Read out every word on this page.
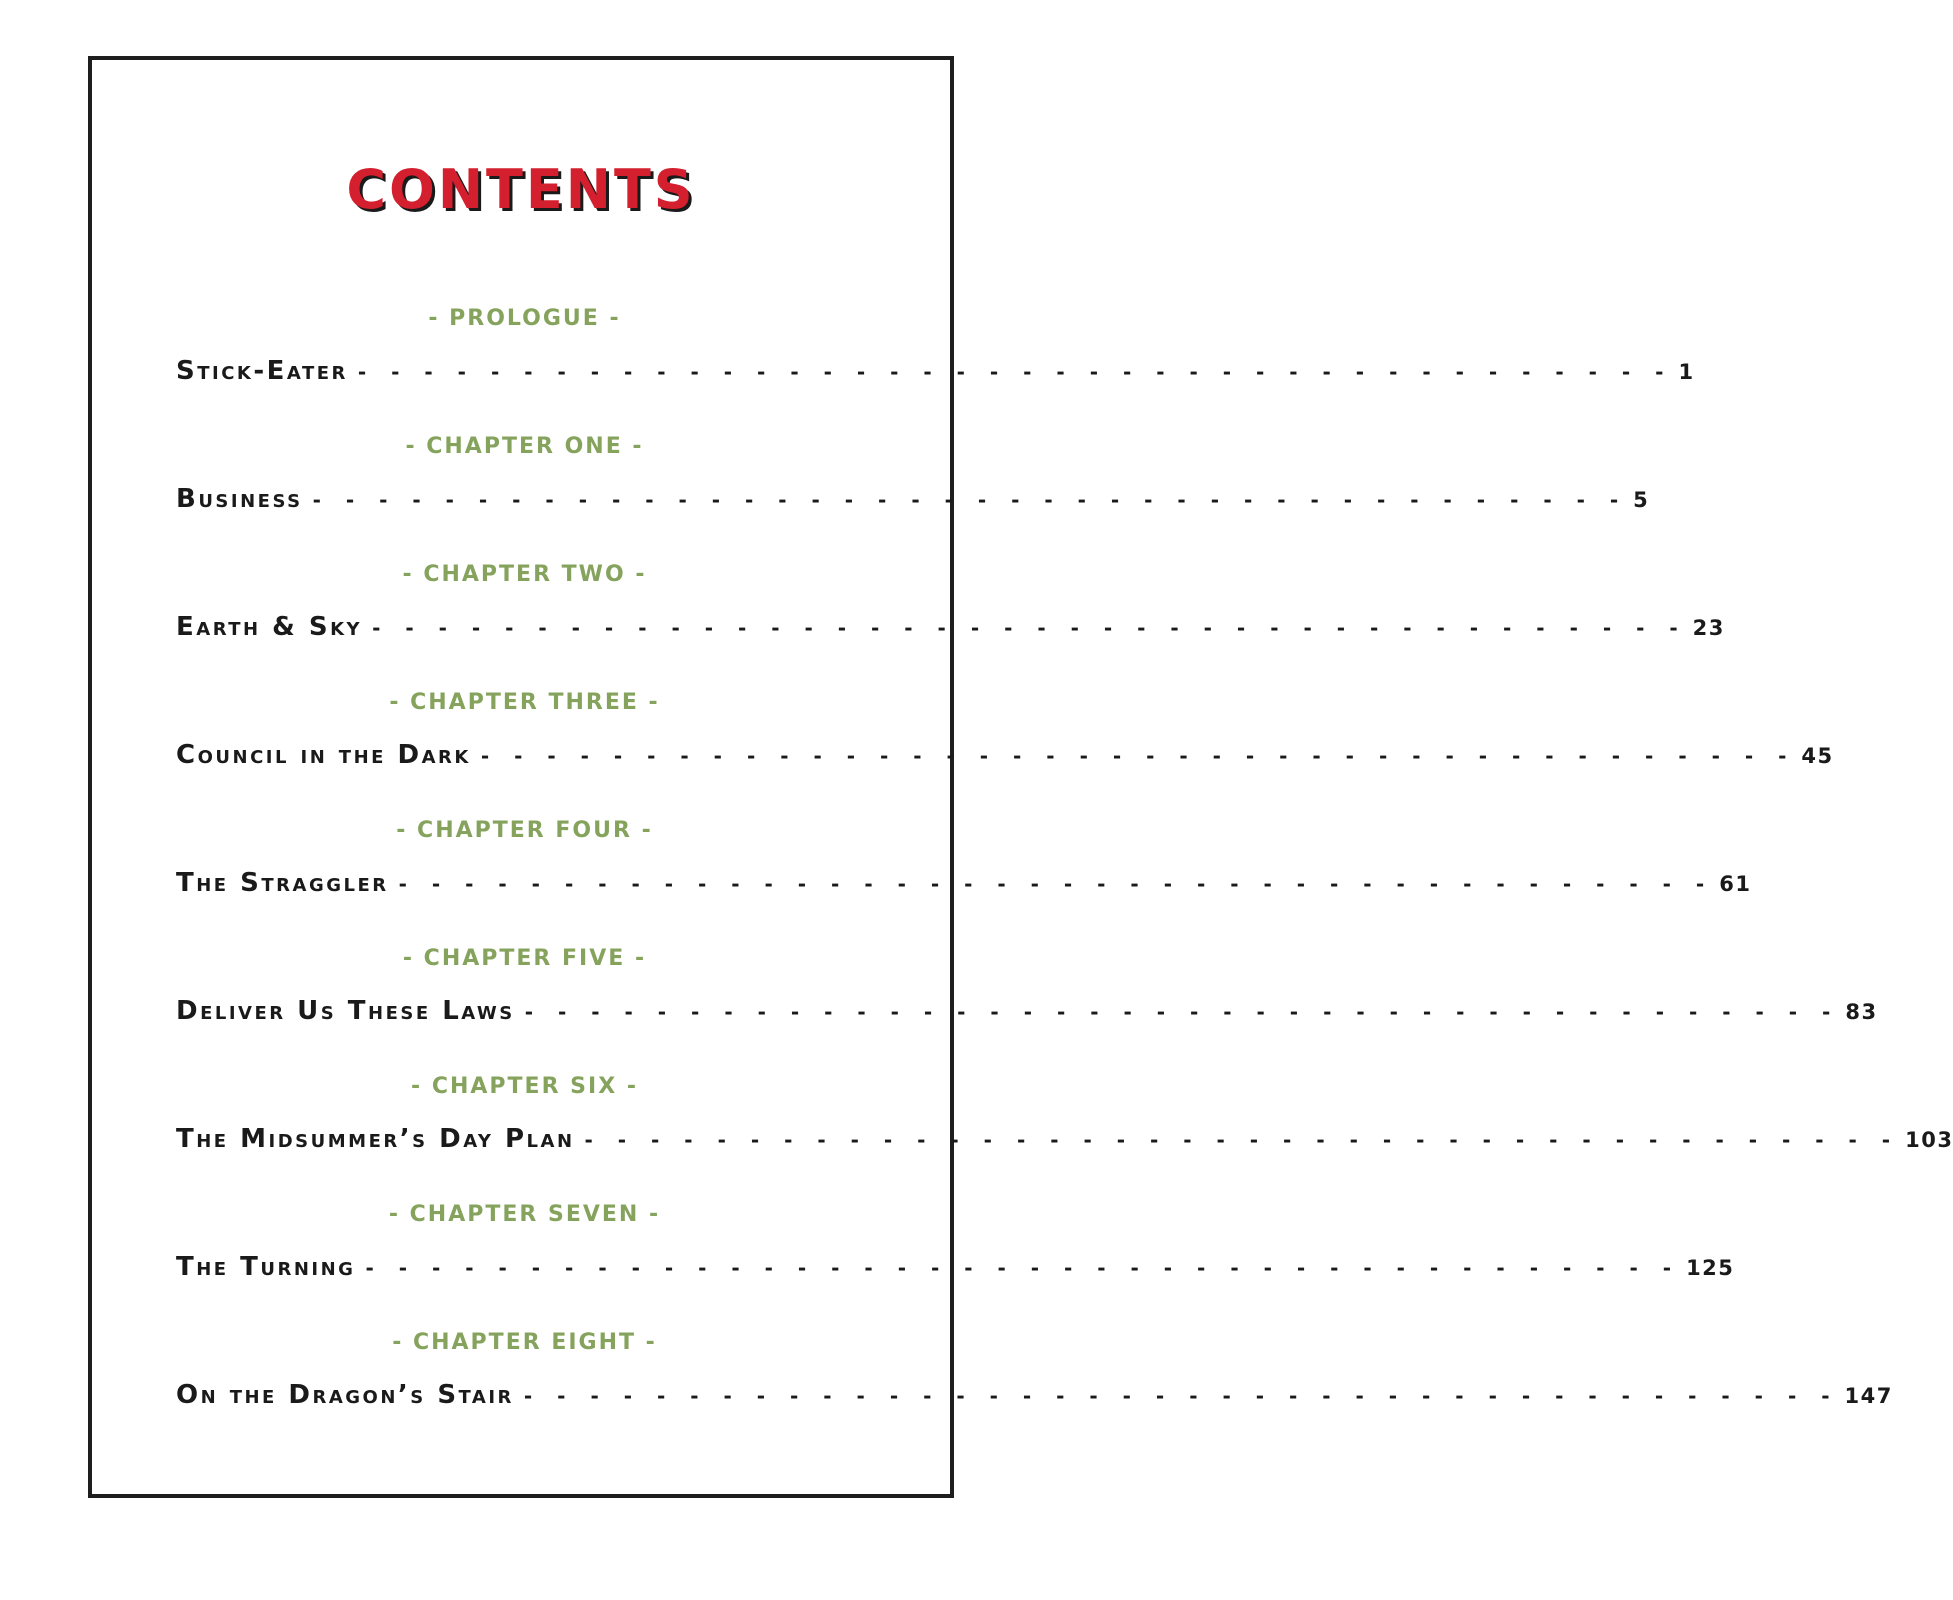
CONTENTS
- PROLOGUE -
Stick-Eater - - - - - - - - - - - - - - - - - - - - - - - - - - - - - - - - - - - - - - - - 1
- CHAPTER ONE -
Business - - - - - - - - - - - - - - - - - - - - - - - - - - - - - - - - - - - - - - - - 5
- CHAPTER TWO -
Earth & Sky - - - - - - - - - - - - - - - - - - - - - - - - - - - - - - - - - - - - - - - - 23
- CHAPTER THREE -
Council in the Dark - - - - - - - - - - - - - - - - - - - - - - - - - - - - - - - - - - - - - - - - 45
- CHAPTER FOUR -
The Straggler - - - - - - - - - - - - - - - - - - - - - - - - - - - - - - - - - - - - - - - - 61
- CHAPTER FIVE -
Deliver Us These Laws - - - - - - - - - - - - - - - - - - - - - - - - - - - - - - - - - - - - - - - - 83
- CHAPTER SIX -
The Midsummer’s Day Plan - - - - - - - - - - - - - - - - - - - - - - - - - - - - - - - - - - - - - - - - 103
- CHAPTER SEVEN -
The Turning - - - - - - - - - - - - - - - - - - - - - - - - - - - - - - - - - - - - - - - - 125
- CHAPTER EIGHT -
On the Dragon’s Stair - - - - - - - - - - - - - - - - - - - - - - - - - - - - - - - - - - - - - - - - 147
